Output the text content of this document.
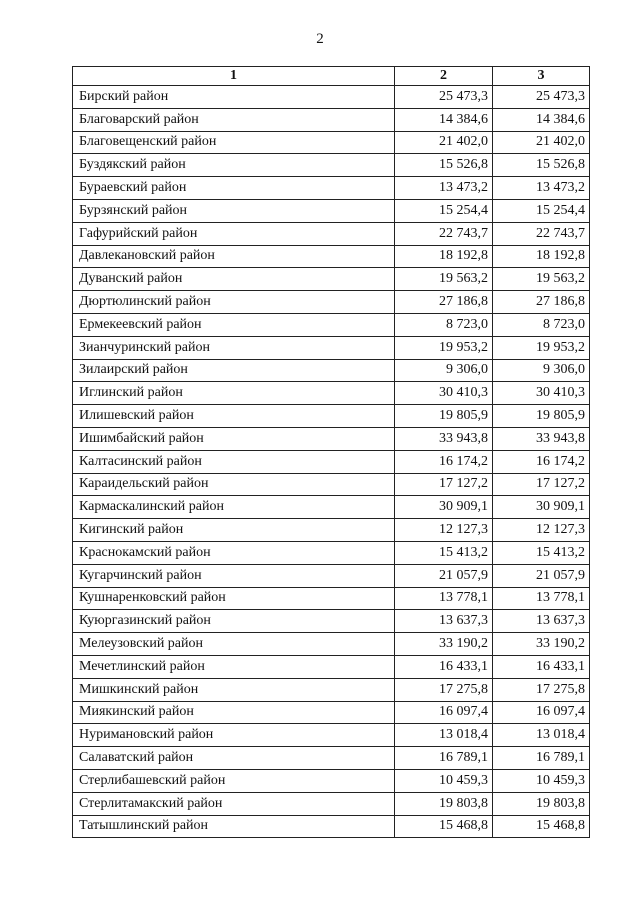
2
1	2	3
Бирский район	25 473,3	25 473,3
Благоварский район	14 384,6	14 384,6
Благовещенский район	21 402,0	21 402,0
Буздякский район	15 526,8	15 526,8
Бураевский район	13 473,2	13 473,2
Бурзянский район	15 254,4	15 254,4
Гафурийский район	22 743,7	22 743,7
Давлекановский район	18 192,8	18 192,8
Дуванский район	19 563,2	19 563,2
Дюртюлинский район	27 186,8	27 186,8
Ермекеевский район	8 723,0	8 723,0
Зианчуринский район	19 953,2	19 953,2
Зилаирский район	9 306,0	9 306,0
Иглинский район	30 410,3	30 410,3
Илишевский район	19 805,9	19 805,9
Ишимбайский район	33 943,8	33 943,8
Калтасинский район	16 174,2	16 174,2
Караидельский район	17 127,2	17 127,2
Кармаскалинский район	30 909,1	30 909,1
Кигинский район	12 127,3	12 127,3
Краснокамский район	15 413,2	15 413,2
Кугарчинский район	21 057,9	21 057,9
Кушнаренковский район	13 778,1	13 778,1
Куюргазинский район	13 637,3	13 637,3
Мелеузовский район	33 190,2	33 190,2
Мечетлинский район	16 433,1	16 433,1
Мишкинский район	17 275,8	17 275,8
Миякинский район	16 097,4	16 097,4
Нуримановский район	13 018,4	13 018,4
Салаватский район	16 789,1	16 789,1
Стерлибашевский район	10 459,3	10 459,3
Стерлитамакский район	19 803,8	19 803,8
Татышлинский район	15 468,8	15 468,8
